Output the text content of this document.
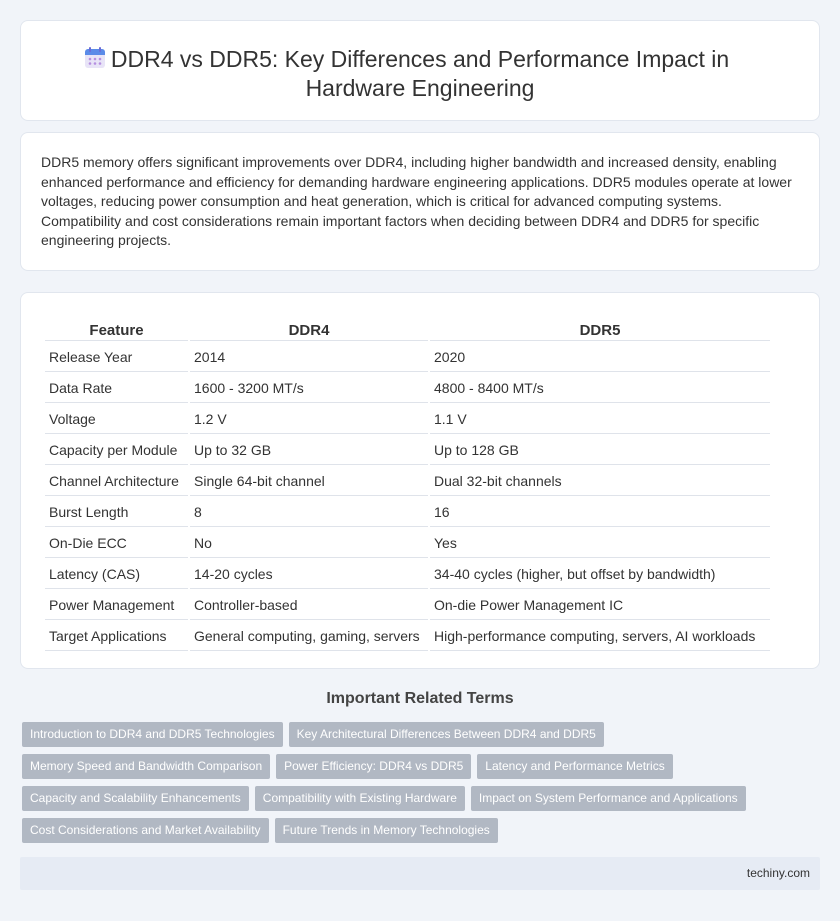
DDR4 vs DDR5: Key Differences and Performance Impact in Hardware Engineering

DDR5 memory offers significant improvements over DDR4, including higher bandwidth and increased density, enabling enhanced performance and efficiency for demanding hardware engineering applications. DDR5 modules operate at lower voltages, reducing power consumption and heat generation, which is critical for advanced computing systems. Compatibility and cost considerations remain important factors when deciding between DDR4 and DDR5 for specific engineering projects.

Feature	DDR4	DDR5
Release Year	2014	2020
Data Rate	1600 - 3200 MT/s	4800 - 8400 MT/s
Voltage	1.2 V	1.1 V
Capacity per Module	Up to 32 GB	Up to 128 GB
Channel Architecture	Single 64-bit channel	Dual 32-bit channels
Burst Length	8	16
On-Die ECC	No	Yes
Latency (CAS)	14-20 cycles	34-40 cycles (higher, but offset by bandwidth)
Power Management	Controller-based	On-die Power Management IC
Target Applications	General computing, gaming, servers	High-performance computing, servers, AI workloads
Important Related Terms
Introduction to DDR4 and DDR5 Technologies Key Architectural Differences Between DDR4 and DDR5
Memory Speed and Bandwidth Comparison Power Efficiency: DDR4 vs DDR5 Latency and Performance Metrics
Capacity and Scalability Enhancements Compatibility with Existing Hardware Impact on System Performance and Applications
Cost Considerations and Market Availability Future Trends in Memory Technologies
techiny.com
